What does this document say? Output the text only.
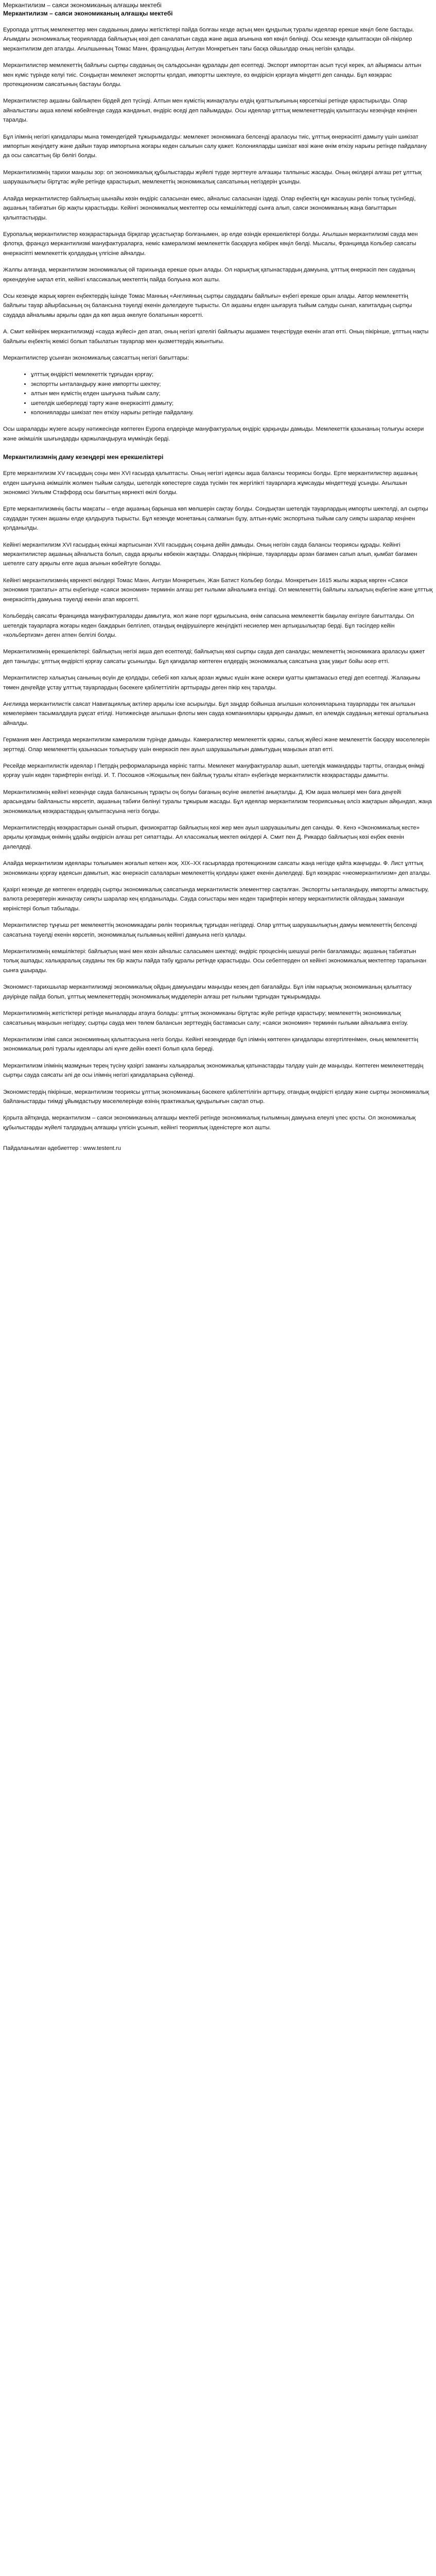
Меркантилизм – саяси экономиканың алғашқы мектебі
Меркантилизм – саяси экономиканың алғашқы мектебі

Еуропада ұлттық мемлекеттер мен саудаының дамуы жетістіктері пайда болғаы кезде ақтың мен құндылық туралы идеялар ерекше көңіл бөле бастады. Ағымдағы экономикалық теорияларда байлықтың көзі деп саналатын сауда және ақша ағынына көп көңіл бөлінді. Осы кезеңде қалыптасқан ой-пікірлер меркантилизм деп аталды. Ағылшынның Томас Манн, француздың Антуан Монкретьен тағы басқа ойшылдар оның негізін қалады.

Меркантилистер мемлекеттің байлығы сыртқы сауданың оң сальдосынан құралады деп есептеді. Экспорт импорттан асып түсуі керек, ал айырмасы алтын мен күміс түрінде келуі тиіс. Сондықтан мемлекет экспортты қолдап, импортты шектеуге, өз өндірісін қорғауға міндетті деп санады. Бұл көзқарас протекционизм саясатының бастауы болды.

Меркантилистер ақшаны байлықпен бірдей деп түсінді. Алтын мен күмістің жинақталуы елдің қуаттылығының көрсеткіші ретінде қарастырылды. Олар айналыстағы ақша көлемі көбейгенде сауда жанданып, өндіріс өседі деп пайымдады. Осы идеялар ұлттық мемлекеттердің қалыптасуы кезеңінде кеңінен таралды.

Бұл ілімнің негізгі қағидалары мына төмендегідей тұжырымдалды: мемлекет экономикаға белсенді араласуы тиіс, ұлттық өнеркәсіпті дамыту үшін шикізат импортын жеңілдету және дайын тауар импортына жоғары кеден салығын салу қажет. Колонияларды шикізат көзі және өнім өткізу нарығы ретінде пайдалану да осы саясаттың бір бөлігі болды.

Меркантилизмнің тарихи маңызы зор: ол экономикалық құбылыстарды жүйелі түрде зерттеуге алғашқы талпыныс жасады. Оның өкілдері алғаш рет ұлттық шаруашылықты біртұтас жүйе ретінде қарастырып, мемлекеттің экономикалық саясатының негіздерін ұсынды.

Алайда меркантилистер байлықтың шынайы көзін өндіріс саласынан емес, айналыс саласынан іздеді. Олар еңбектің құн жасаушы рөлін толық түсінбеді, ақшаның табиғатын бір жақты қарастырды. Кейінгі экономикалық мектептер осы кемшіліктерді сынға алып, саяси экономиканың жаңа бағыттарын қалыптастырды.

Еуропалық меркантилистер көзқарастарында бірқатар ұқсастықтар болғанымен, әр елде өзіндік ерекшеліктері болды. Ағылшын меркантилизмі сауда мен флотқа, француз меркантилизмі мануфактураларға, неміс камерализмі мемлекеттік басқаруға көбірек көңіл бөлді. Мысалы, Францияда Кольбер саясаты өнеркәсіпті мемлекеттік қолдаудың үлгісіне айналды.

Жалпы алғанда, меркантилизм экономикалық ой тарихында ерекше орын алады. Ол нарықтық қатынастардың дамуына, ұлттық өнеркәсіп пен сауданың өркендеуіне ықпал етіп, кейінгі классикалық мектептің пайда болуына жол ашты.

Осы кезеңде жарық көрген еңбектердің ішінде Томас Манның «Англияның сыртқы саудадағы байлығы» еңбегі ерекше орын алады. Автор мемлекеттің байлығы тауар айырбасының оң балансына тәуелді екенін дәлелдеуге тырысты. Ол ақшаны елден шығаруға тыйым салуды сынап, капиталдың сыртқы саудада айналымы арқылы одан да көп ақша әкелуге болатынын көрсетті.

А. Смит кейінірек меркантилизмді «сауда жүйесі» деп атап, оның негізгі қателігі байлықты ақшамен теңестіруде екенін атап өтті. Оның пікірінше, ұлттың нақты байлығы еңбектің жемісі болып табылатын тауарлар мен қызметтердің жиынтығы.

Меркантилистер ұсынған экономикалық саясаттың негізгі бағыттары:

• ұлттық өндірісті мемлекеттік тұрғыдан қорғау;
• экспортты ынталандыру және импортты шектеу;
• алтын мен күмістің елден шығуына тыйым салу;
• шетелдік шеберлерді тарту және өнеркәсіпті дамыту;
• колонияларды шикізат пен өткізу нарығы ретінде пайдалану.

Осы шараларды жүзеге асыру нәтижесінде көптеген Еуропа елдерінде мануфактуралық өндіріс қарқынды дамыды. Мемлекеттік қазынаның толығуы әскери және әкімшілік шығындарды қаржыландыруға мүмкіндік берді.

Меркантилизмнің даму кезеңдері мен ерекшеліктері

Ерте меркантилизм XV ғасырдың соңы мен XVI ғасырда қалыптасты. Оның негізгі идеясы ақша балансы теориясы болды. Ерте меркантилистер ақшаның елден шығуына әкімшілік жолмен тыйым салуды, шетелдік көпестерге сауда түсімін тек жергілікті тауарларға жұмсауды міндеттеуді ұсынды. Ағылшын экономисі Уильям Стаффорд осы бағыттың көрнекті өкілі болды.

Ерте меркантилизмнің басты мақсаты – елде ақшаның барынша көп мөлшерін сақтау болды. Сондықтан шетелдік тауарлардың импорты шектелді, ал сыртқы саудадан түскен ақшаны елде қалдыруға тырысты. Бұл кезеңде монетаның салмағын бұзу, алтын-күміс экспортына тыйым салу сияқты шаралар кеңінен қолданылды.

Кейінгі меркантилизм XVI ғасырдың екінші жартысынан XVII ғасырдың соңына дейін дамыды. Оның негізін сауда балансы теориясы құрады. Кейінгі меркантилистер ақшаның айналыста болып, сауда арқылы көбеюін жақтады. Олардың пікірінше, тауарларды арзан бағамен сатып алып, қымбат бағамен шетелге сату арқылы елге ақша ағынын көбейтуге болады.

Кейінгі меркантилизмнің көрнекті өкілдері Томас Манн, Антуан Монкретьен, Жан Батист Кольбер болды. Монкретьен 1615 жылы жарық көрген «Саяси экономия трактаты» атты еңбегінде «саяси экономия» терминін алғаш рет ғылыми айналымға енгізді. Ол мемлекеттің байлығы халықтың еңбегіне және ұлттық өнеркәсіптің дамуына тәуелді екенін атап көрсетті.

Кольбердің саясаты Францияда мануфактураларды дамытуға, жол және порт құрылысына, өнім сапасына мемлекеттік бақылау енгізуге бағытталды. Ол шетелдік тауарларға жоғары кеден баждарын белгілеп, отандық өндірушілерге жеңілдікті несиелер мен артықшылықтар берді. Бұл тәсілдер кейін «кольбертизм» деген атпен белгілі болды.

Меркантилизмнің ерекшеліктері: байлықтың негізі ақша деп есептелді; байлықтың көзі сыртқы сауда деп саналды; мемлекеттің экономикаға араласуы қажет деп танылды; ұлттық өндірісті қорғау саясаты ұсынылды. Бұл қағидалар көптеген елдердің экономикалық саясатына ұзақ уақыт бойы әсер етті.

Меркантилистер халықтың санының өсуін де қолдады, себебі көп халық арзан жұмыс күшін және әскери қуатты қамтамасыз етеді деп есептеді. Жалақыны төмен деңгейде ұстау ұлттық тауарлардың бәсекеге қабілеттілігін арттырады деген пікір кең таралды.

Англияда меркантилистік саясат Навигациялық актілер арқылы іске асырылды. Бұл заңдар бойынша ағылшын колонияларына тауарларды тек ағылшын кемелерімен тасымалдауға рұқсат етілді. Нәтижесінде ағылшын флоты мен сауда компаниялары қарқынды дамып, ел әлемдік сауданың жетекші орталығына айналды.

Германия мен Австрияда меркантилизм камерализм түрінде дамыды. Камералистер мемлекеттік қаржы, салық жүйесі және мемлекеттік басқару мәселелерін зерттеді. Олар мемлекеттің қазынасын толықтыру үшін өнеркәсіп пен ауыл шаруашылығын дамытудың маңызын атап өтті.

Ресейде меркантилистік идеялар І Петрдің реформаларында көрініс тапты. Мемлекет мануфактуралар ашып, шетелдік мамандарды тартты, отандық өнімді қорғау үшін кеден тарифтерін енгізді. И. Т. Посошков «Жоқшылық пен байлық туралы кітап» еңбегінде меркантилистік көзқарастарды дамытты.

Меркантилизмнің кейінгі кезеңінде сауда балансының тұрақты оң болуы бағаның өсуіне әкелетіні анықталды. Д. Юм ақша мөлшері мен баға деңгейі арасындағы байланысты көрсетіп, ақшаның табиғи бөлінуі туралы тұжырым жасады. Бұл идеялар меркантилизм теориясының әлсіз жақтарын айқындап, жаңа экономикалық көзқарастардың қалыптасуына негіз болды.

Меркантилистердің көзқарастарын сынай отырып, физиократтар байлықтың көзі жер мен ауыл шаруашылығы деп санады. Ф. Кенэ «Экономикалық кесте» арқылы қоғамдық өнімнің ұдайы өндірісін алғаш рет сипаттады. Ал классикалық мектеп өкілдері А. Смит пен Д. Рикардо байлықтың көзі еңбек екенін дәлелдеді.

Алайда меркантилизм идеялары толығымен жоғалып кеткен жоқ. XIX–XX ғасырларда протекционизм саясаты жаңа негізде қайта жаңғырды. Ф. Лист ұлттық экономиканы қорғау идеясын дамытып, жас өнеркәсіп салаларын мемлекеттің қолдауы қажет екенін дәлелдеді. Бұл көзқарас «неомеркантилизм» деп аталды.

Қазіргі кезеңде де көптеген елдердің сыртқы экономикалық саясатында меркантилистік элементтер сақталған. Экспортты ынталандыру, импортты алмастыру, валюта резервтерін жинақтау сияқты шаралар кең қолданылады. Сауда соғыстары мен кеден тарифтерін көтеру меркантилистік ойлаудың заманауи көріністері болып табылады.

Меркантилистер тұңғыш рет мемлекеттің экономикадағы рөлін теориялық тұрғыдан негіздеді. Олар ұлттық шаруашылықтың дамуы мемлекеттің белсенді саясатына тәуелді екенін көрсетіп, экономикалық ғылымның кейінгі дамуына негіз қалады.

Меркантилизмнің кемшіліктері: байлықтың мәні мен көзін айналыс саласымен шектеді; өндіріс процесінің шешуші рөлін бағаламады; ақшаның табиғатын толық ашпады; халықаралық сауданы тек бір жақты пайда табу құралы ретінде қарастырды. Осы себептерден ол кейінгі экономикалық мектептер тарапынан сынға ұшырады.

Экономист-тарихшылар меркантилизмді экономикалық ойдың дамуындағы маңызды кезең деп бағалайды. Бұл ілім нарықтық экономиканың қалыптасу дәуірінде пайда болып, ұлттық мемлекеттердің экономикалық мүдделерін алғаш рет ғылыми тұрғыдан тұжырымдады.

Меркантилизмнің жетістіктері ретінде мыналарды атауға болады: ұлттық экономиканы біртұтас жүйе ретінде қарастыру; мемлекеттің экономикалық саясатының маңызын негіздеу; сыртқы сауда мен төлем балансын зерттеудің бастамасын салу; «саяси экономия» терминін ғылыми айналымға енгізу.

Меркантилизм ілімі саяси экономияның қалыптасуына негіз болды. Кейінгі кезеңдерде бұл ілімнің көптеген қағидалары өзгертілгенімен, оның мемлекеттің экономикалық рөлі туралы идеялары әлі күнге дейін өзекті болып қала береді.

Меркантилизм ілімінің мазмұнын терең түсіну қазіргі заманғы халықаралық экономикалық қатынастарды талдау үшін де маңызды. Көптеген мемлекеттердің сыртқы сауда саясаты әлі де осы ілімнің негізгі қағидаларына сүйенеді.

Экономистердің пікірінше, меркантилизм теориясы ұлттық экономиканың бәсекеге қабілеттілігін арттыру, отандық өндірісті қолдау және сыртқы экономикалық байланыстарды тиімді ұйымдастыру мәселелерінде өзінің практикалық құндылығын сақтап отыр.

Қорыта айтқанда, меркантилизм – саяси экономиканың алғашқы мектебі ретінде экономикалық ғылымның дамуына елеулі үлес қосты. Ол экономикалық құбылыстарды жүйелі талдаудың алғашқы үлгісін ұсынып, кейінгі теориялық ізденістерге жол ашты.

Пайдаланылған әдебиеттер : www.testent.ru
